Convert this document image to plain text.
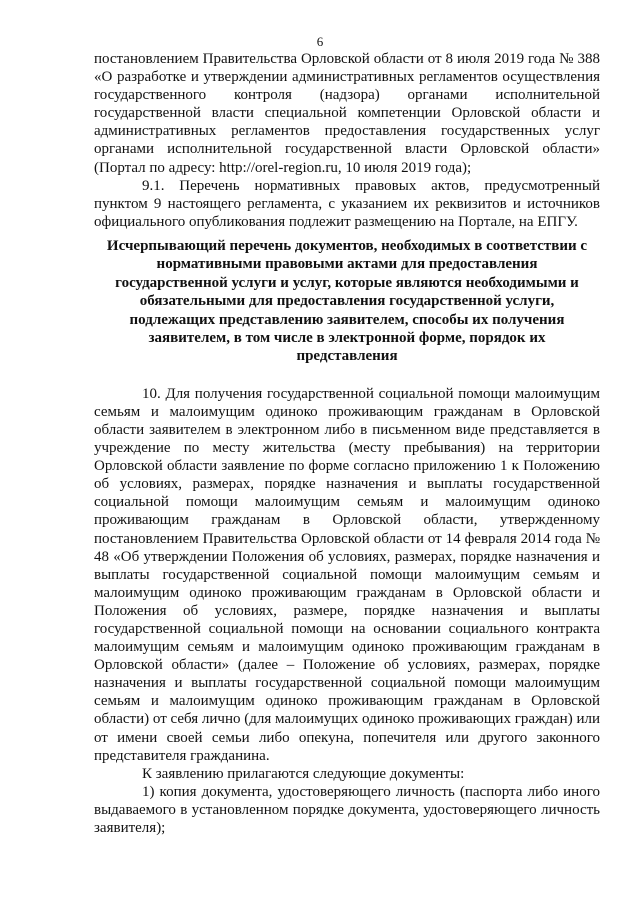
6

постановлением Правительства Орловской области от 8 июля 2019 года № 388 «О разработке и утверждении административных регламентов осуществления государственного контроля (надзора) органами исполнительной государственной власти специальной компетенции Орловской области и административных регламентов предоставления государственных услуг органами исполнительной государственной власти Орловской области» (Портал по адресу: http://orel-region.ru, 10 июля 2019 года);

9.1. Перечень нормативных правовых актов, предусмотренный пунктом 9 настоящего регламента, с указанием их реквизитов и источников официального опубликования подлежит размещению на Портале, на ЕПГУ.

Исчерпывающий перечень документов, необходимых в соответствии с нормативными правовыми актами для предоставления государственной услуги и услуг, которые являются необходимыми и обязательными для предоставления государственной услуги, подлежащих представлению заявителем, способы их получения заявителем, в том числе в электронной форме, порядок их представления

10. Для получения государственной социальной помощи малоимущим семьям и малоимущим одиноко проживающим гражданам в Орловской области заявителем в электронном либо в письменном виде представляется в учреждение по месту жительства (месту пребывания) на территории Орловской области заявление по форме согласно приложению 1 к Положению об условиях, размерах, порядке назначения и выплаты государственной социальной помощи малоимущим семьям и малоимущим одиноко проживающим гражданам в Орловской области, утвержденному постановлением Правительства Орловской области от 14 февраля 2014 года № 48 «Об утверждении Положения об условиях, размерах, порядке назначения и выплаты государственной социальной помощи малоимущим семьям и малоимущим одиноко проживающим гражданам в Орловской области и Положения об условиях, размере, порядке назначения и выплаты государственной социальной помощи на основании социального контракта малоимущим семьям и малоимущим одиноко проживающим гражданам в Орловской области» (далее – Положение об условиях, размерах, порядке назначения и выплаты государственной социальной помощи малоимущим семьям и малоимущим одиноко проживающим гражданам в Орловской области) от себя лично (для малоимущих одиноко проживающих граждан) или от имени своей семьи либо опекуна, попечителя или другого законного представителя гражданина.

К заявлению прилагаются следующие документы:

1) копия документа, удостоверяющего личность (паспорта либо иного выдаваемого в установленном порядке документа, удостоверяющего личность заявителя);
